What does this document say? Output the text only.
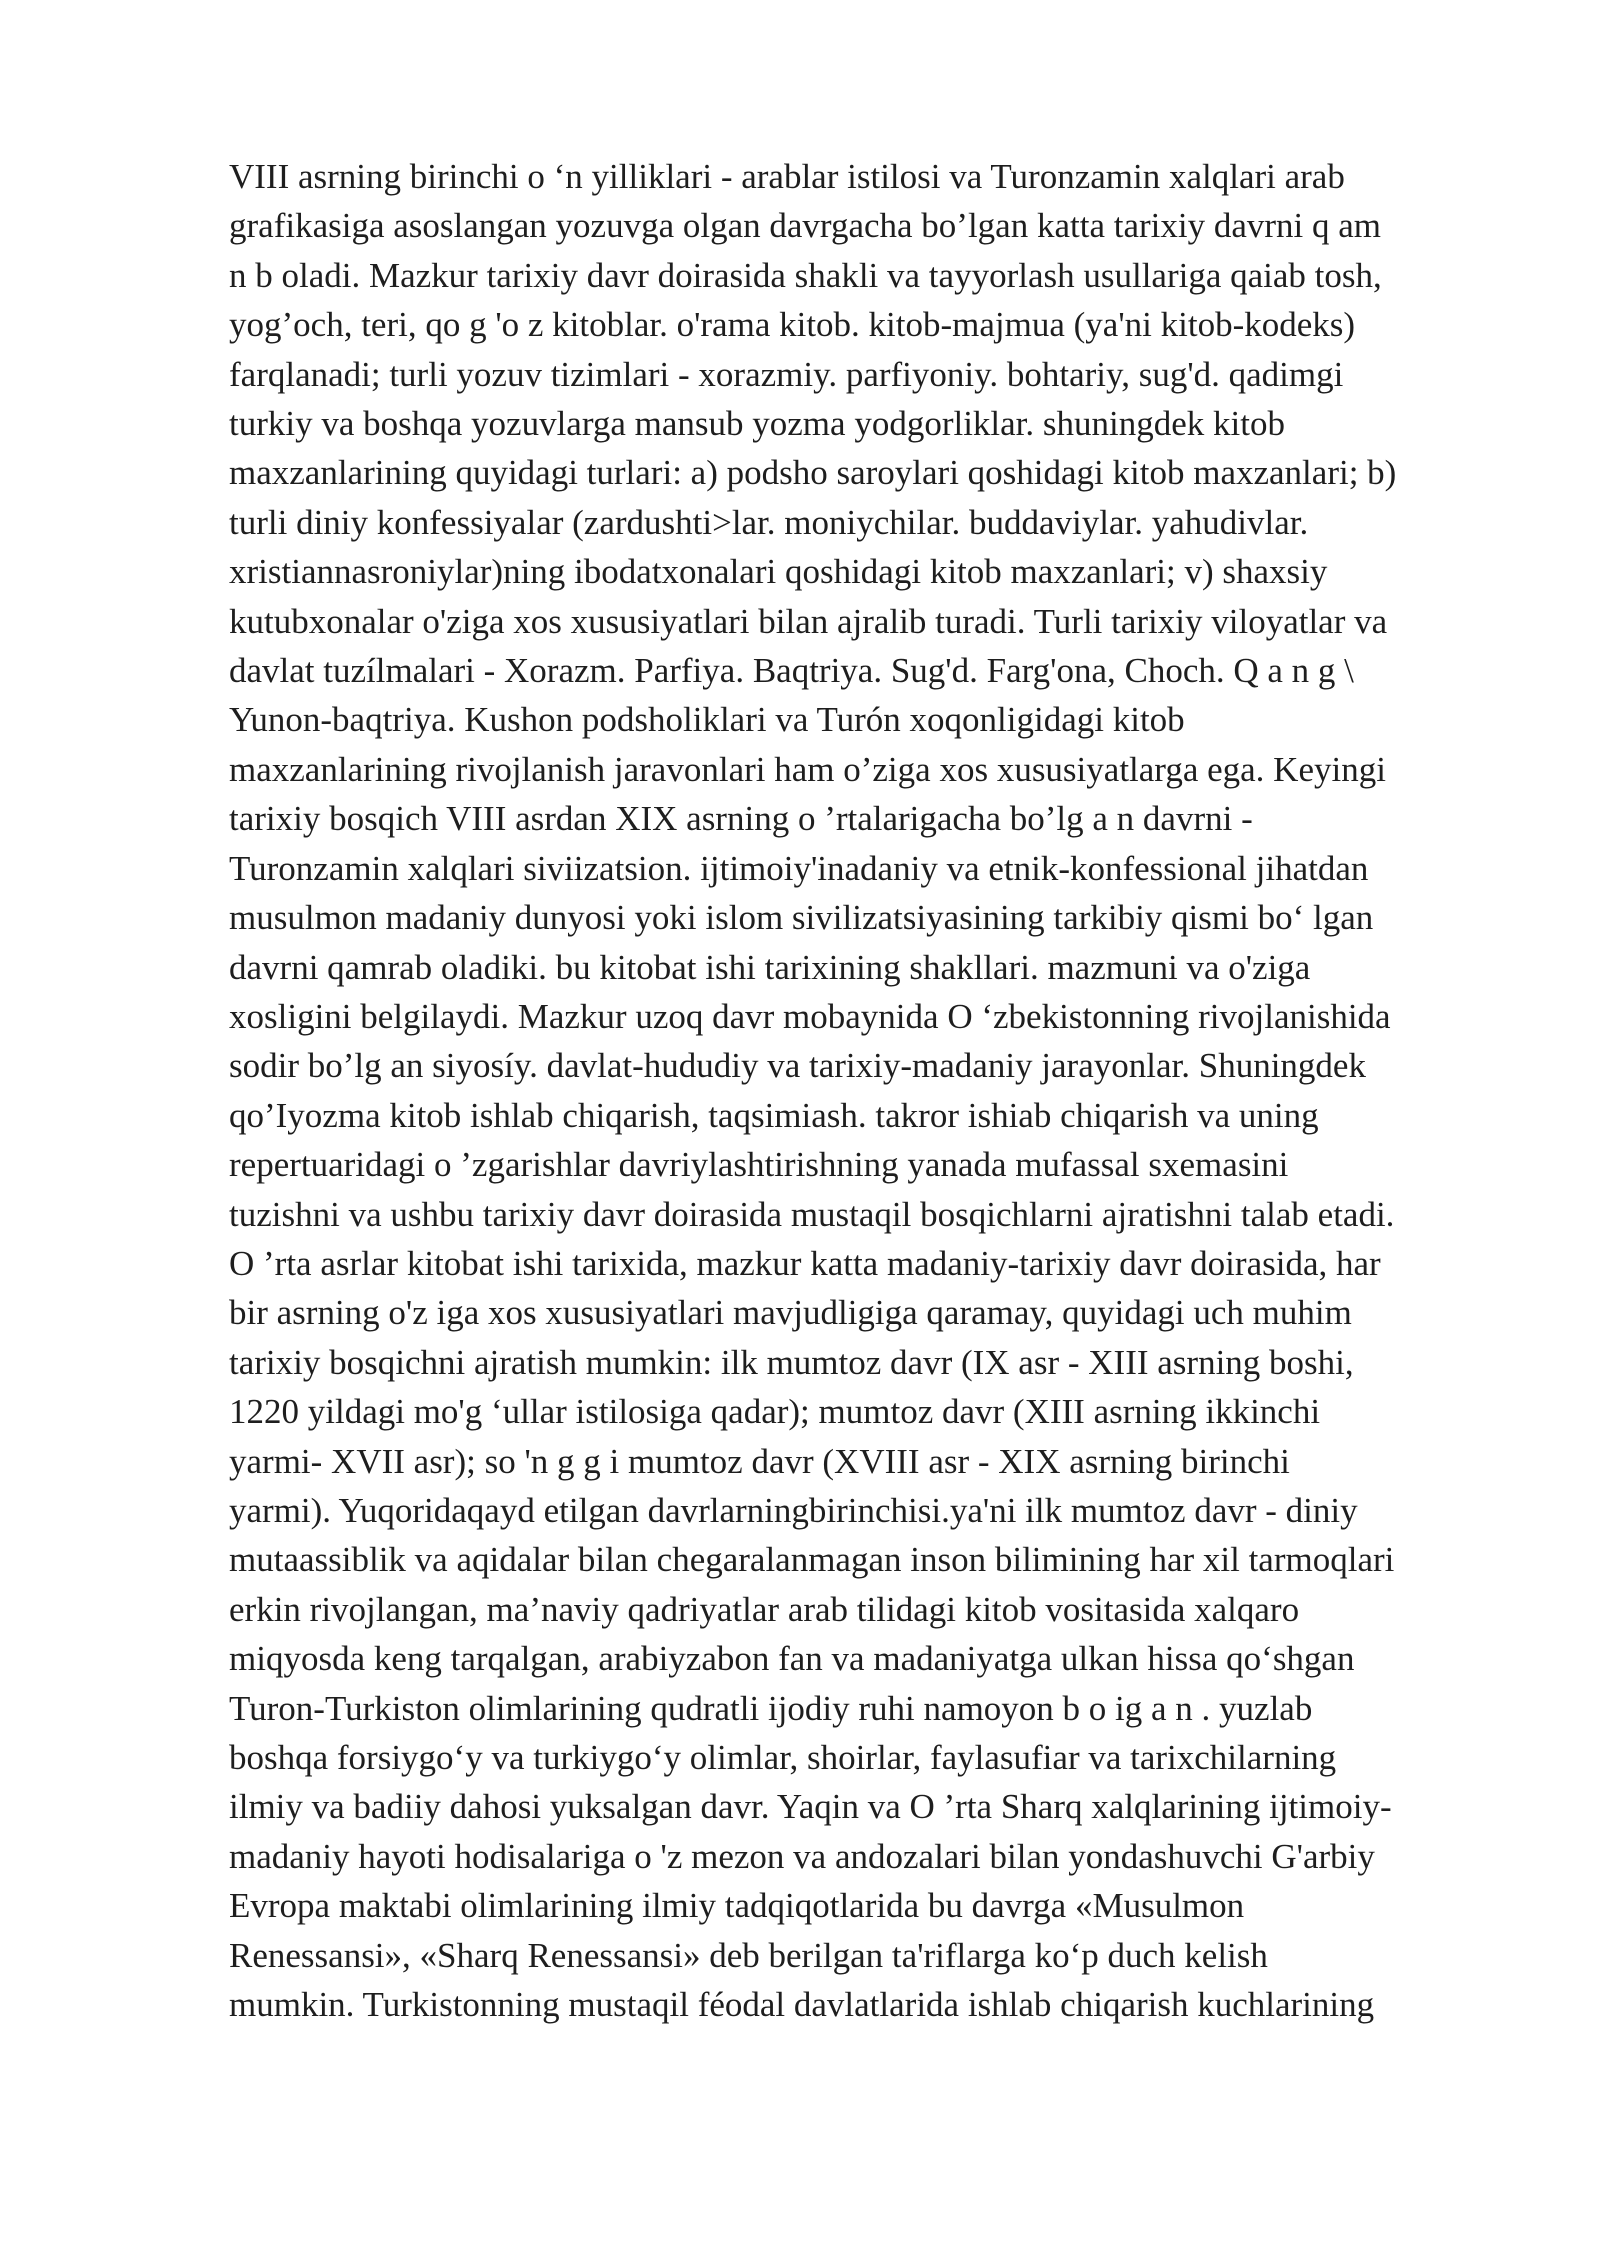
VIII asrning birinchi o ‘n yilliklari - arablar istilosi va Turonzamin xalqlari arab
grafikasiga asoslangan yozuvga olgan davrgacha bo’lgan katta tarixiy davrni q am
n b oladi. Mazkur tarixiy davr doirasida shakli va tayyorlash usullariga qaiab tosh,
yog’och, teri, qo g 'o z kitoblar. o'rama kitob. kitob-majmua (ya'ni kitob-kodeks)
farqlanadi; turli yozuv tizimlari - xorazmiy. parfiyoniy. bohtariy, sug'd. qadimgi
turkiy va boshqa yozuvlarga mansub yozma yodgorliklar. shuningdek kitob
maxzanlarining quyidagi turlari: a) podsho saroylari qoshidagi kitob maxzanlari; b)
turli diniy konfessiyalar (zardushti>lar. moniychilar. buddaviylar. yahudivlar.
xristiannasroniylar)ning ibodatxonalari qoshidagi kitob maxzanlari; v) shaxsiy
kutubxonalar o'ziga xos xususiyatlari bilan ajralib turadi. Turli tarixiy viloyatlar va
davlat tuzílmalari - Xorazm. Parfiya. Baqtriya. Sug'd. Farg'ona, Choch. Q a n g \
Yunon-baqtriya. Kushon podsholiklari va Turón xoqonligidagi kitob
maxzanlarining rivojlanish jaravonlari ham o’ziga xos xususiyatlarga ega. Keyingi
tarixiy bosqich VIII asrdan XIX asrning o ’rtalarigacha bo’lg a n davrni -
Turonzamin xalqlari siviizatsion. ijtimoiy'inadaniy va etnik-konfessional jihatdan
musulmon madaniy dunyosi yoki islom sivilizatsiyasining tarkibiy qismi bo‘ lgan
davrni qamrab oladiki. bu kitobat ishi tarixining shakllari. mazmuni va o'ziga
xosligini belgilaydi. Mazkur uzoq davr mobaynida O ‘zbekistonning rivojlanishida
sodir bo’lg an siyosíy. davlat-hududiy va tarixiy-madaniy jarayonlar. Shuningdek
qo’Iyozma kitob ishlab chiqarish, taqsimiash. takror ishiab chiqarish va uning
repertuaridagi o ’zgarishlar davriylashtirishning yanada mufassal sxemasini
tuzishni va ushbu tarixiy davr doirasida mustaqil bosqichlarni ajratishni talab etadi.
O ’rta asrlar kitobat ishi tarixida, mazkur katta madaniy-tarixiy davr doirasida, har
bir asrning o'z iga xos xususiyatlari mavjudligiga qaramay, quyidagi uch muhim
tarixiy bosqichni ajratish mumkin: ilk mumtoz davr (IX asr - XIII asrning boshi,
1220 yildagi mo'g ‘ullar istilosiga qadar); mumtoz davr (XIII asrning ikkinchi
yarmi- XVII asr); so 'n g g i mumtoz davr (XVIII asr - XIX asrning birinchi
yarmi). Yuqoridaqayd etilgan davrlarningbirinchisi.ya'ni ilk mumtoz davr - diniy
mutaassiblik va aqidalar bilan chegaralanmagan inson bilimining har xil tarmoqlari
erkin rivojlangan, ma’naviy qadriyatlar arab tilidagi kitob vositasida xalqaro
miqyosda keng tarqalgan, arabiyzabon fan va madaniyatga ulkan hissa qo‘shgan
Turon-Turkiston olimlarining qudratli ijodiy ruhi namoyon b o ig a n . yuzlab
boshqa forsiygo‘y va turkiygo‘y olimlar, shoirlar, faylasufiar va tarixchilarning
ilmiy va badiiy dahosi yuksalgan davr. Yaqin va O ’rta Sharq xalqlarining ijtimoiy-
madaniy hayoti hodisalariga o 'z mezon va andozalari bilan yondashuvchi G'arbiy
Evropa maktabi olimlarining ilmiy tadqiqotlarida bu davrga «Musulmon
Renessansi», «Sharq Renessansi» deb berilgan ta'riflarga ko‘p duch kelish
mumkin. Turkistonning mustaqil féodal davlatlarida ishlab chiqarish kuchlarining
